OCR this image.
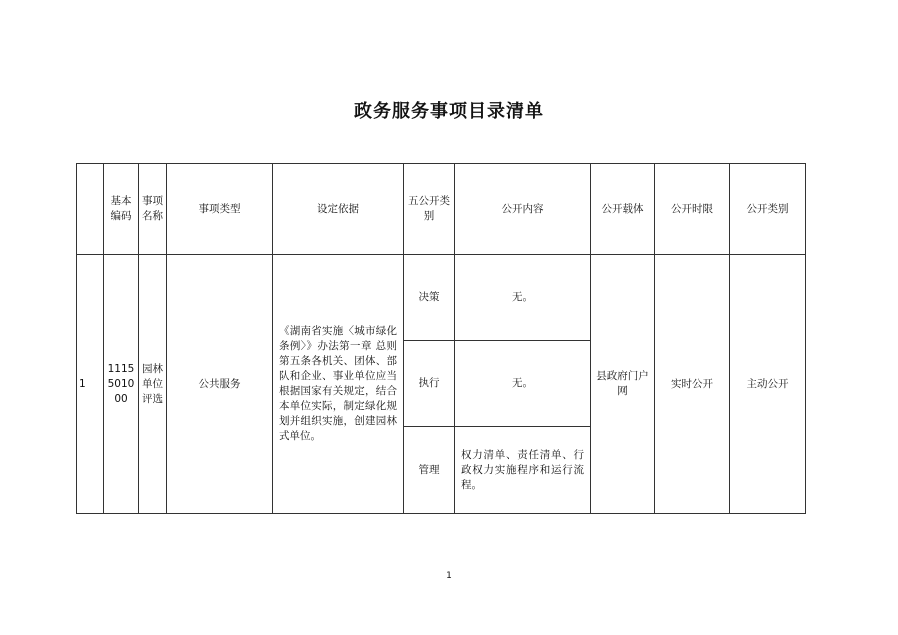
政务服务事项目录清单
	基本编码	事项名称	事项类型	设定依据	五公开类别	公开内容	公开载体	公开时限	公开类别
1	1115501000	园林单位评选	公共服务	《湖南省实施〈城市绿化条例〉》办法第一章 总则第五条各机关、团体、部队和企业、事业单位应当根据国家有关规定，结合本单位实际，制定绿化规划并组织实施，创建园林式单位。	决策	无。	县政府门户网	实时公开	主动公开
					执行	无。			
					管理	权力清单、责任清单、行政权力实施程序和运行流程。			
1
